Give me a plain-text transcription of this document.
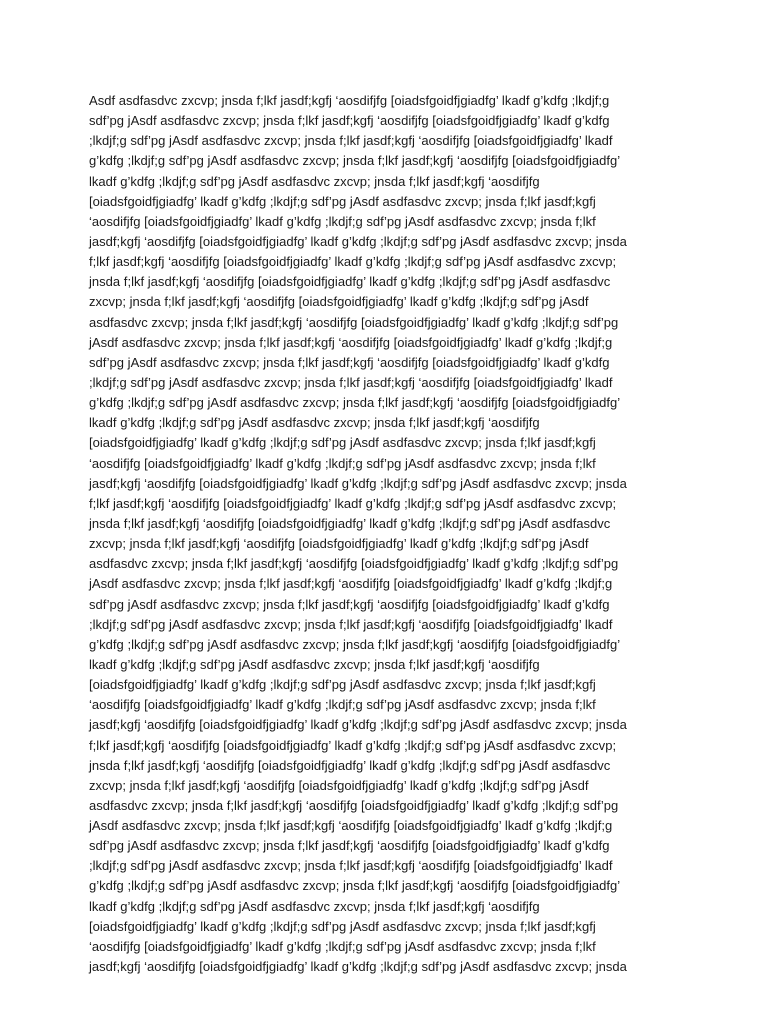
Asdf asdfasdvc zxcvp; jnsda f;lkf jasdf;kgfj ‘aosdifjfg [oiadsfgoidfjgiadfg’ lkadf g’kdfg ;lkdjf;g
sdf’pg jAsdf asdfasdvc zxcvp; jnsda f;lkf jasdf;kgfj ‘aosdifjfg [oiadsfgoidfjgiadfg’ lkadf g’kdfg
;lkdjf;g sdf’pg jAsdf asdfasdvc zxcvp; jnsda f;lkf jasdf;kgfj ‘aosdifjfg [oiadsfgoidfjgiadfg’ lkadf
g’kdfg ;lkdjf;g sdf’pg jAsdf asdfasdvc zxcvp; jnsda f;lkf jasdf;kgfj ‘aosdifjfg [oiadsfgoidfjgiadfg’
lkadf g’kdfg ;lkdjf;g sdf’pg jAsdf asdfasdvc zxcvp; jnsda f;lkf jasdf;kgfj ‘aosdifjfg
[oiadsfgoidfjgiadfg’ lkadf g’kdfg ;lkdjf;g sdf’pg jAsdf asdfasdvc zxcvp; jnsda f;lkf jasdf;kgfj
‘aosdifjfg [oiadsfgoidfjgiadfg’ lkadf g’kdfg ;lkdjf;g sdf’pg jAsdf asdfasdvc zxcvp; jnsda f;lkf
jasdf;kgfj ‘aosdifjfg [oiadsfgoidfjgiadfg’ lkadf g’kdfg ;lkdjf;g sdf’pg jAsdf asdfasdvc zxcvp; jnsda
f;lkf jasdf;kgfj ‘aosdifjfg [oiadsfgoidfjgiadfg’ lkadf g’kdfg ;lkdjf;g sdf’pg jAsdf asdfasdvc zxcvp;
jnsda f;lkf jasdf;kgfj ‘aosdifjfg [oiadsfgoidfjgiadfg’ lkadf g’kdfg ;lkdjf;g sdf’pg jAsdf asdfasdvc
zxcvp; jnsda f;lkf jasdf;kgfj ‘aosdifjfg [oiadsfgoidfjgiadfg’ lkadf g’kdfg ;lkdjf;g sdf’pg jAsdf
asdfasdvc zxcvp; jnsda f;lkf jasdf;kgfj ‘aosdifjfg [oiadsfgoidfjgiadfg’ lkadf g’kdfg ;lkdjf;g sdf’pg
jAsdf asdfasdvc zxcvp; jnsda f;lkf jasdf;kgfj ‘aosdifjfg [oiadsfgoidfjgiadfg’ lkadf g’kdfg ;lkdjf;g
sdf’pg jAsdf asdfasdvc zxcvp; jnsda f;lkf jasdf;kgfj ‘aosdifjfg [oiadsfgoidfjgiadfg’ lkadf g’kdfg
;lkdjf;g sdf’pg jAsdf asdfasdvc zxcvp; jnsda f;lkf jasdf;kgfj ‘aosdifjfg [oiadsfgoidfjgiadfg’ lkadf
g’kdfg ;lkdjf;g sdf’pg jAsdf asdfasdvc zxcvp; jnsda f;lkf jasdf;kgfj ‘aosdifjfg [oiadsfgoidfjgiadfg’
lkadf g’kdfg ;lkdjf;g sdf’pg jAsdf asdfasdvc zxcvp; jnsda f;lkf jasdf;kgfj ‘aosdifjfg
[oiadsfgoidfjgiadfg’ lkadf g’kdfg ;lkdjf;g sdf’pg jAsdf asdfasdvc zxcvp; jnsda f;lkf jasdf;kgfj
‘aosdifjfg [oiadsfgoidfjgiadfg’ lkadf g’kdfg ;lkdjf;g sdf’pg jAsdf asdfasdvc zxcvp; jnsda f;lkf
jasdf;kgfj ‘aosdifjfg [oiadsfgoidfjgiadfg’ lkadf g’kdfg ;lkdjf;g sdf’pg jAsdf asdfasdvc zxcvp; jnsda
f;lkf jasdf;kgfj ‘aosdifjfg [oiadsfgoidfjgiadfg’ lkadf g’kdfg ;lkdjf;g sdf’pg jAsdf asdfasdvc zxcvp;
jnsda f;lkf jasdf;kgfj ‘aosdifjfg [oiadsfgoidfjgiadfg’ lkadf g’kdfg ;lkdjf;g sdf’pg jAsdf asdfasdvc
zxcvp; jnsda f;lkf jasdf;kgfj ‘aosdifjfg [oiadsfgoidfjgiadfg’ lkadf g’kdfg ;lkdjf;g sdf’pg jAsdf
asdfasdvc zxcvp; jnsda f;lkf jasdf;kgfj ‘aosdifjfg [oiadsfgoidfjgiadfg’ lkadf g’kdfg ;lkdjf;g sdf’pg
jAsdf asdfasdvc zxcvp; jnsda f;lkf jasdf;kgfj ‘aosdifjfg [oiadsfgoidfjgiadfg’ lkadf g’kdfg ;lkdjf;g
sdf’pg jAsdf asdfasdvc zxcvp; jnsda f;lkf jasdf;kgfj ‘aosdifjfg [oiadsfgoidfjgiadfg’ lkadf g’kdfg
;lkdjf;g sdf’pg jAsdf asdfasdvc zxcvp; jnsda f;lkf jasdf;kgfj ‘aosdifjfg [oiadsfgoidfjgiadfg’ lkadf
g’kdfg ;lkdjf;g sdf’pg jAsdf asdfasdvc zxcvp; jnsda f;lkf jasdf;kgfj ‘aosdifjfg [oiadsfgoidfjgiadfg’
lkadf g’kdfg ;lkdjf;g sdf’pg jAsdf asdfasdvc zxcvp; jnsda f;lkf jasdf;kgfj ‘aosdifjfg
[oiadsfgoidfjgiadfg’ lkadf g’kdfg ;lkdjf;g sdf’pg jAsdf asdfasdvc zxcvp; jnsda f;lkf jasdf;kgfj
‘aosdifjfg [oiadsfgoidfjgiadfg’ lkadf g’kdfg ;lkdjf;g sdf’pg jAsdf asdfasdvc zxcvp; jnsda f;lkf
jasdf;kgfj ‘aosdifjfg [oiadsfgoidfjgiadfg’ lkadf g’kdfg ;lkdjf;g sdf’pg jAsdf asdfasdvc zxcvp; jnsda
f;lkf jasdf;kgfj ‘aosdifjfg [oiadsfgoidfjgiadfg’ lkadf g’kdfg ;lkdjf;g sdf’pg jAsdf asdfasdvc zxcvp;
jnsda f;lkf jasdf;kgfj ‘aosdifjfg [oiadsfgoidfjgiadfg’ lkadf g’kdfg ;lkdjf;g sdf’pg jAsdf asdfasdvc
zxcvp; jnsda f;lkf jasdf;kgfj ‘aosdifjfg [oiadsfgoidfjgiadfg’ lkadf g’kdfg ;lkdjf;g sdf’pg jAsdf
asdfasdvc zxcvp; jnsda f;lkf jasdf;kgfj ‘aosdifjfg [oiadsfgoidfjgiadfg’ lkadf g’kdfg ;lkdjf;g sdf’pg
jAsdf asdfasdvc zxcvp; jnsda f;lkf jasdf;kgfj ‘aosdifjfg [oiadsfgoidfjgiadfg’ lkadf g’kdfg ;lkdjf;g
sdf’pg jAsdf asdfasdvc zxcvp; jnsda f;lkf jasdf;kgfj ‘aosdifjfg [oiadsfgoidfjgiadfg’ lkadf g’kdfg
;lkdjf;g sdf’pg jAsdf asdfasdvc zxcvp; jnsda f;lkf jasdf;kgfj ‘aosdifjfg [oiadsfgoidfjgiadfg’ lkadf
g’kdfg ;lkdjf;g sdf’pg jAsdf asdfasdvc zxcvp; jnsda f;lkf jasdf;kgfj ‘aosdifjfg [oiadsfgoidfjgiadfg’
lkadf g’kdfg ;lkdjf;g sdf’pg jAsdf asdfasdvc zxcvp; jnsda f;lkf jasdf;kgfj ‘aosdifjfg
[oiadsfgoidfjgiadfg’ lkadf g’kdfg ;lkdjf;g sdf’pg jAsdf asdfasdvc zxcvp; jnsda f;lkf jasdf;kgfj
‘aosdifjfg [oiadsfgoidfjgiadfg’ lkadf g’kdfg ;lkdjf;g sdf’pg jAsdf asdfasdvc zxcvp; jnsda f;lkf
jasdf;kgfj ‘aosdifjfg [oiadsfgoidfjgiadfg’ lkadf g’kdfg ;lkdjf;g sdf’pg jAsdf asdfasdvc zxcvp; jnsda
